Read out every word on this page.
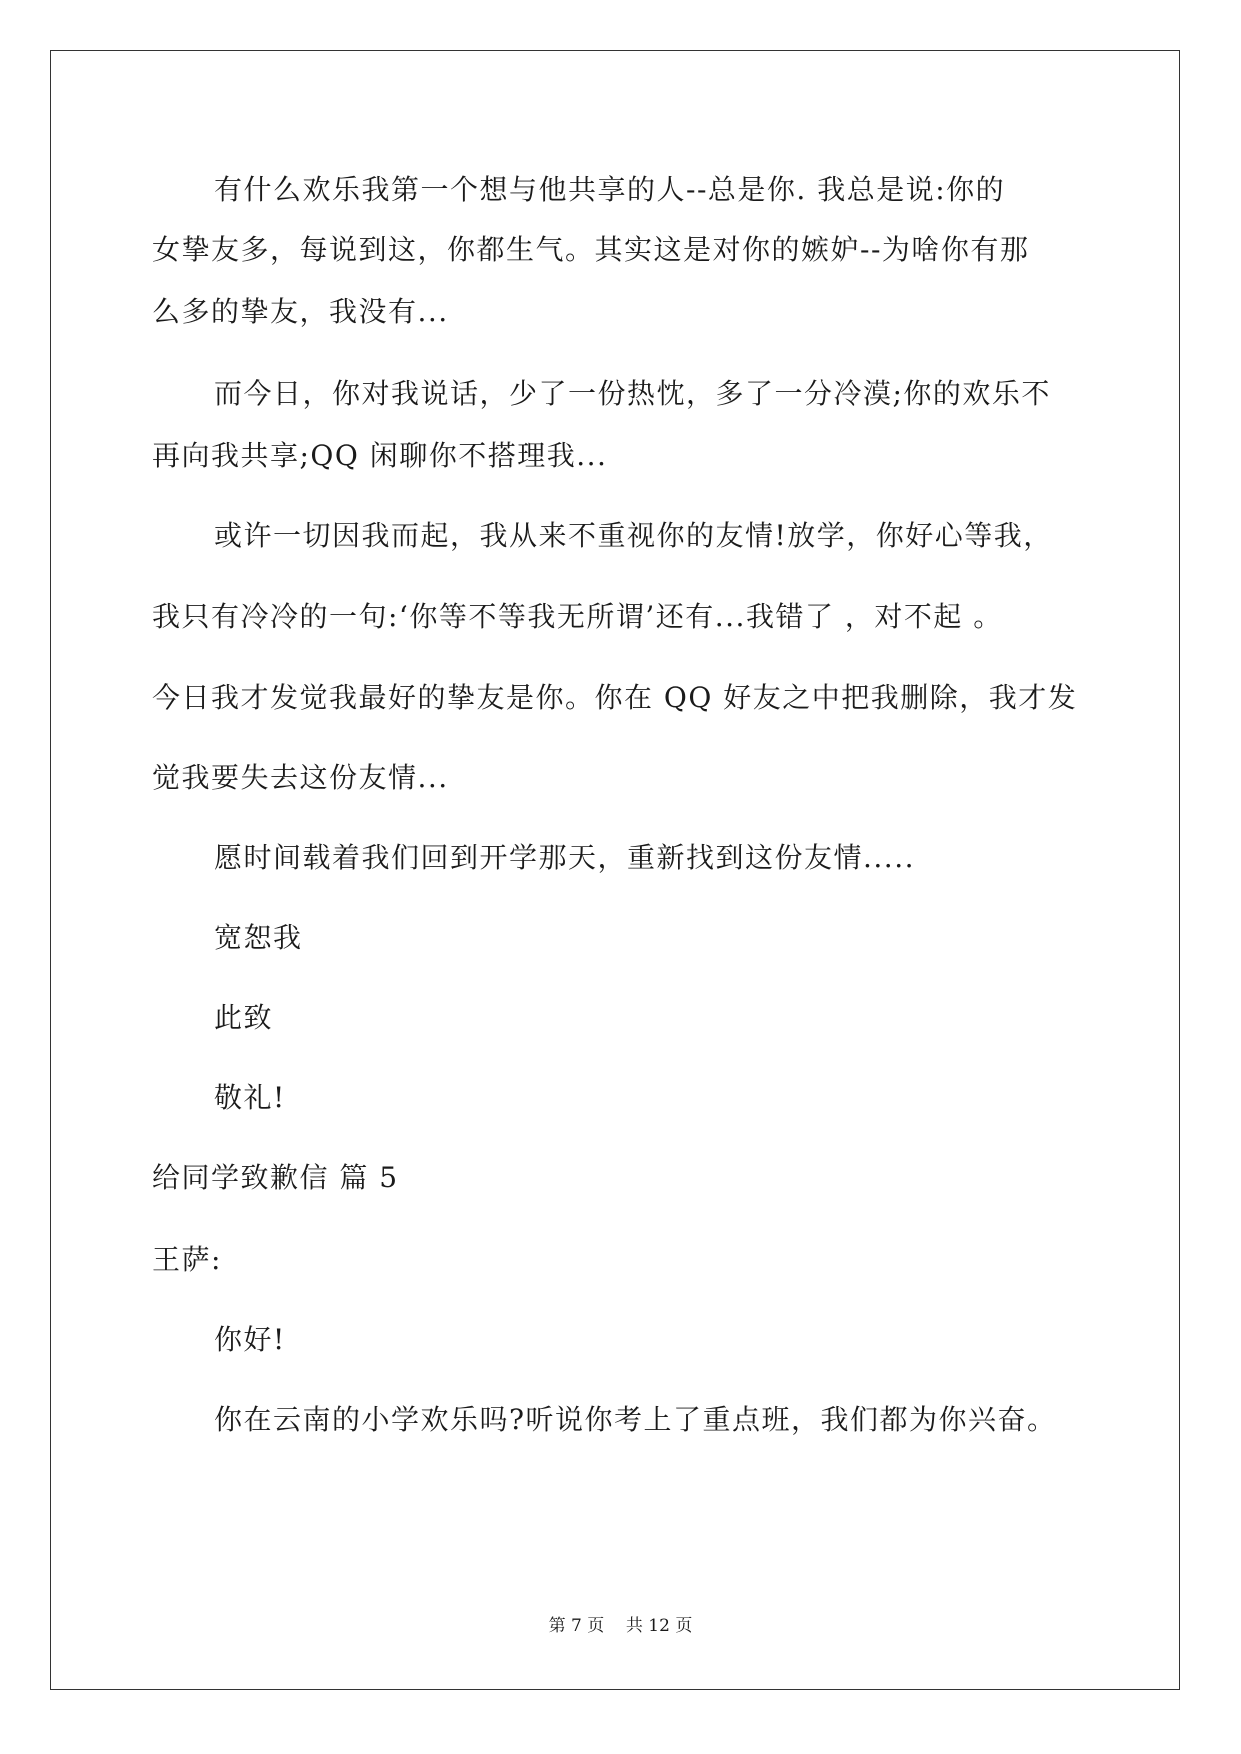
有什么欢乐我第一个想与他共享的人--总是你. 我总是说:你的
女挚友多，每说到这，你都生气。其实这是对你的嫉妒--为啥你有那
么多的挚友，我没有...
而今日，你对我说话，少了一份热忱，多了一分冷漠;你的欢乐不
再向我共享;QQ 闲聊你不搭理我...
或许一切因我而起，我从来不重视你的友情!放学，你好心等我，
我只有冷冷的一句:‘你等不等我无所谓’还有...我错了 ，对不起 。
今日我才发觉我最好的挚友是你。你在 QQ 好友之中把我删除，我才发
觉我要失去这份友情...
愿时间载着我们回到开学那天，重新找到这份友情.....
宽恕我
此致
敬礼!
给同学致歉信 篇 5
王萨:
你好!
你在云南的小学欢乐吗?听说你考上了重点班，我们都为你兴奋。
第 7 页    共 12 页
